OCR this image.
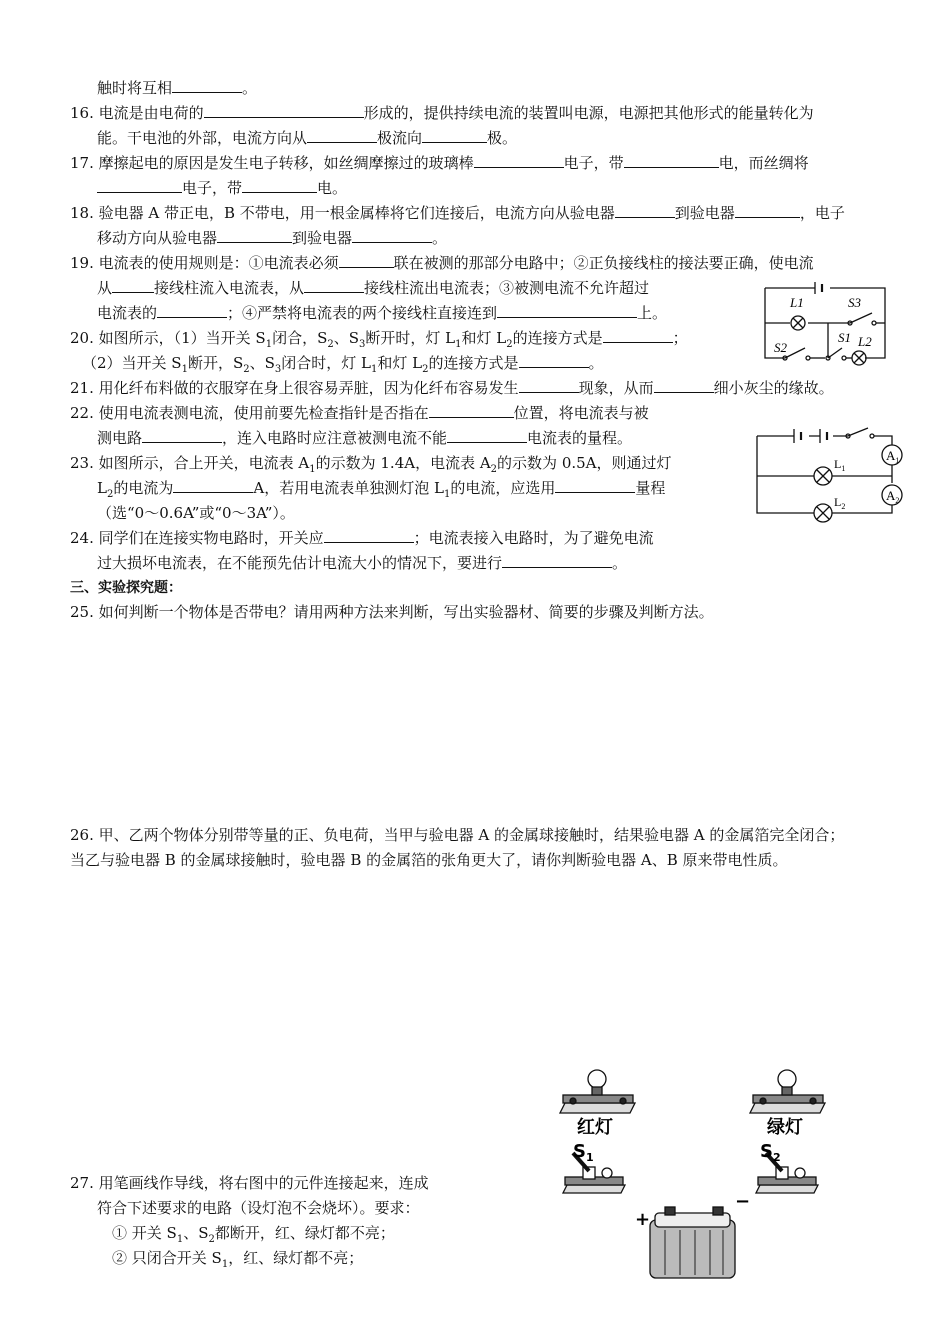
触时将互相	。
16. 电流是由电荷的	形成的，提供持续电流的装置叫电源，电源把其他形式的能量转化为
能。干电池的外部，电流方向从	极流向	极。
17. 摩擦起电的原因是发生电子转移，如丝绸摩擦过的玻璃棒	电子，带	电，而丝绸将
电子，带	电。
18. 验电器 A 带正电，B 不带电，用一根金属棒将它们连接后，电流方向从验电器	到验电器	，电子
移动方向从验电器	到验电器	。
19. 电流表的使用规则是：①电流表必须	联在被测的那部分电路中；②正负接线柱的接法要正确，使电流
从	接线柱流入电流表，从	接线柱流出电流表；③被测电流不允许超过
电流表的	；④严禁将电流表的两个接线柱直接连到	上。
20. 如图所示，（1）当开关 $S_1$闭合，$S_2$、$S_3$断开时，灯 $L_1$和灯 $L_2$的连接方式是	；
（2）当开关 $S_1$断开，$S_2$、$S_3$闭合时，灯 $L_1$和灯 $L_2$的连接方式是	。
L1	S3
S1 L2
S2
21. 用化纤布料做的衣服穿在身上很容易弄脏，因为化纤布容易发生	现象，从而	细小灰尘的缘故。
22. 使用电流表测电流，使用前要先检查指针是否指在	位置，将电流表与被
测电路	，连入电路时应注意被测电流不能	电流表的量程。
$A_1$
$A_2$
$L_1$
$L_2$
23. 如图所示，合上开关，电流表 $A_1$的示数为 1.4A，电流表 $A_2$的示数为 0.5A，则通过灯
$L_2$的电流为	A，若用电流表单独测灯泡 $L_1$的电流，应选用	量程
（选“0～0.6A”或“0～3A”）。
24. 同学们在连接实物电路时，开关应	；电流表接入电路时，为了避免电流
过大损坏电流表，在不能预先估计电流大小的情况下，要进行	。
三、实验探究题：
25. 如何判断一个物体是否带电？请用两种方法来判断，写出实验器材、简要的步骤及判断方法。
26. 甲、乙两个物体分别带等量的正、负电荷，当甲与验电器 A 的金属球接触时，结果验电器 A 的金属箔完全闭合；
当乙与验电器 B 的金属球接触时，验电器 B 的金属箔的张角更大了，请你判断验电器 A、B 原来带电性质。
27. 用笔画线作导线，将右图中的元件连接起来，连成
符合下述要求的电路（设灯泡不会烧坏）。要求：
① 开关 $S_1$、$S_2$都断开，红、绿灯都不亮；
② 只闭合开关 $S_1$，红、绿灯都不亮；
红灯	绿灯
$S_1$	$S_2$
+
−
